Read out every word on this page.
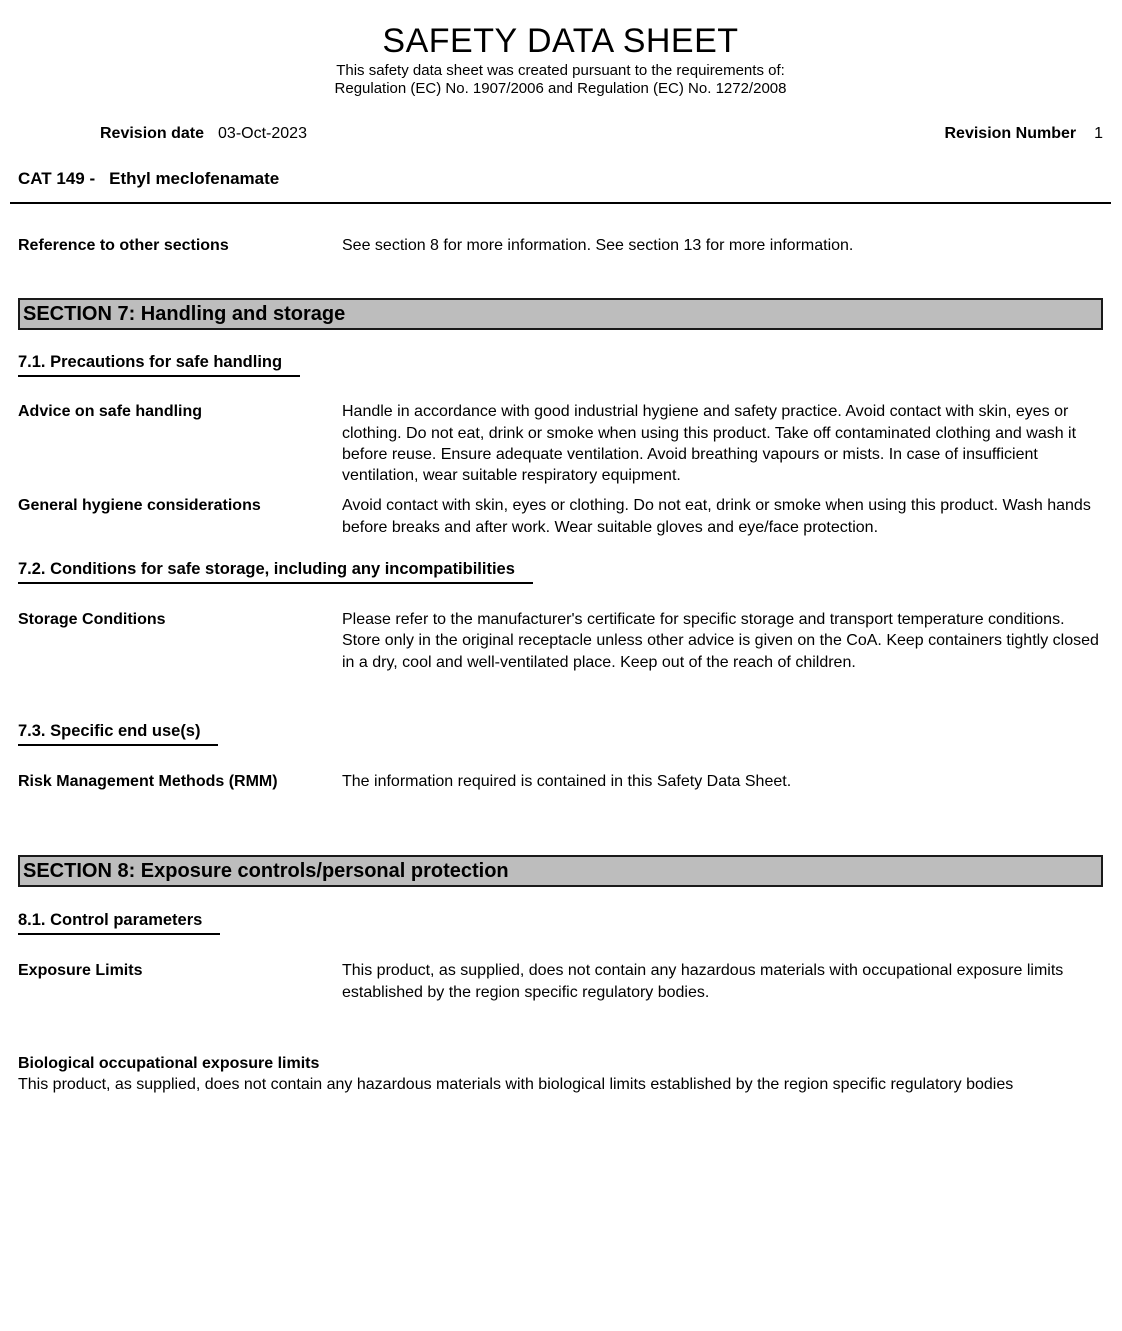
SAFETY DATA SHEET
This safety data sheet was created pursuant to the requirements of:
Regulation (EC) No. 1907/2006 and Regulation (EC) No. 1272/2008
Revision date 03-Oct-2023	Revision Number 1
CAT 149 - Ethyl meclofenamate
Reference to other sections	See section 8 for more information. See section 13 for more information.
SECTION 7: Handling and storage
7.1. Precautions for safe handling
Advice on safe handling	Handle in accordance with good industrial hygiene and safety practice. Avoid contact with skin, eyes or clothing. Do not eat, drink or smoke when using this product. Take off contaminated clothing and wash it before reuse. Ensure adequate ventilation. Avoid breathing vapours or mists. In case of insufficient ventilation, wear suitable respiratory equipment.
General hygiene considerations	Avoid contact with skin, eyes or clothing. Do not eat, drink or smoke when using this product. Wash hands before breaks and after work. Wear suitable gloves and eye/face protection.
7.2. Conditions for safe storage, including any incompatibilities
Storage Conditions	Please refer to the manufacturer's certificate for specific storage and transport temperature conditions. Store only in the original receptacle unless other advice is given on the CoA. Keep containers tightly closed in a dry, cool and well-ventilated place. Keep out of the reach of children.
7.3. Specific end use(s)
Risk Management Methods (RMM)	The information required is contained in this Safety Data Sheet.
SECTION 8: Exposure controls/personal protection
8.1. Control parameters
Exposure Limits	This product, as supplied, does not contain any hazardous materials with occupational exposure limits established by the region specific regulatory bodies.
Biological occupational exposure limits
This product, as supplied, does not contain any hazardous materials with biological limits established by the region specific regulatory bodies
